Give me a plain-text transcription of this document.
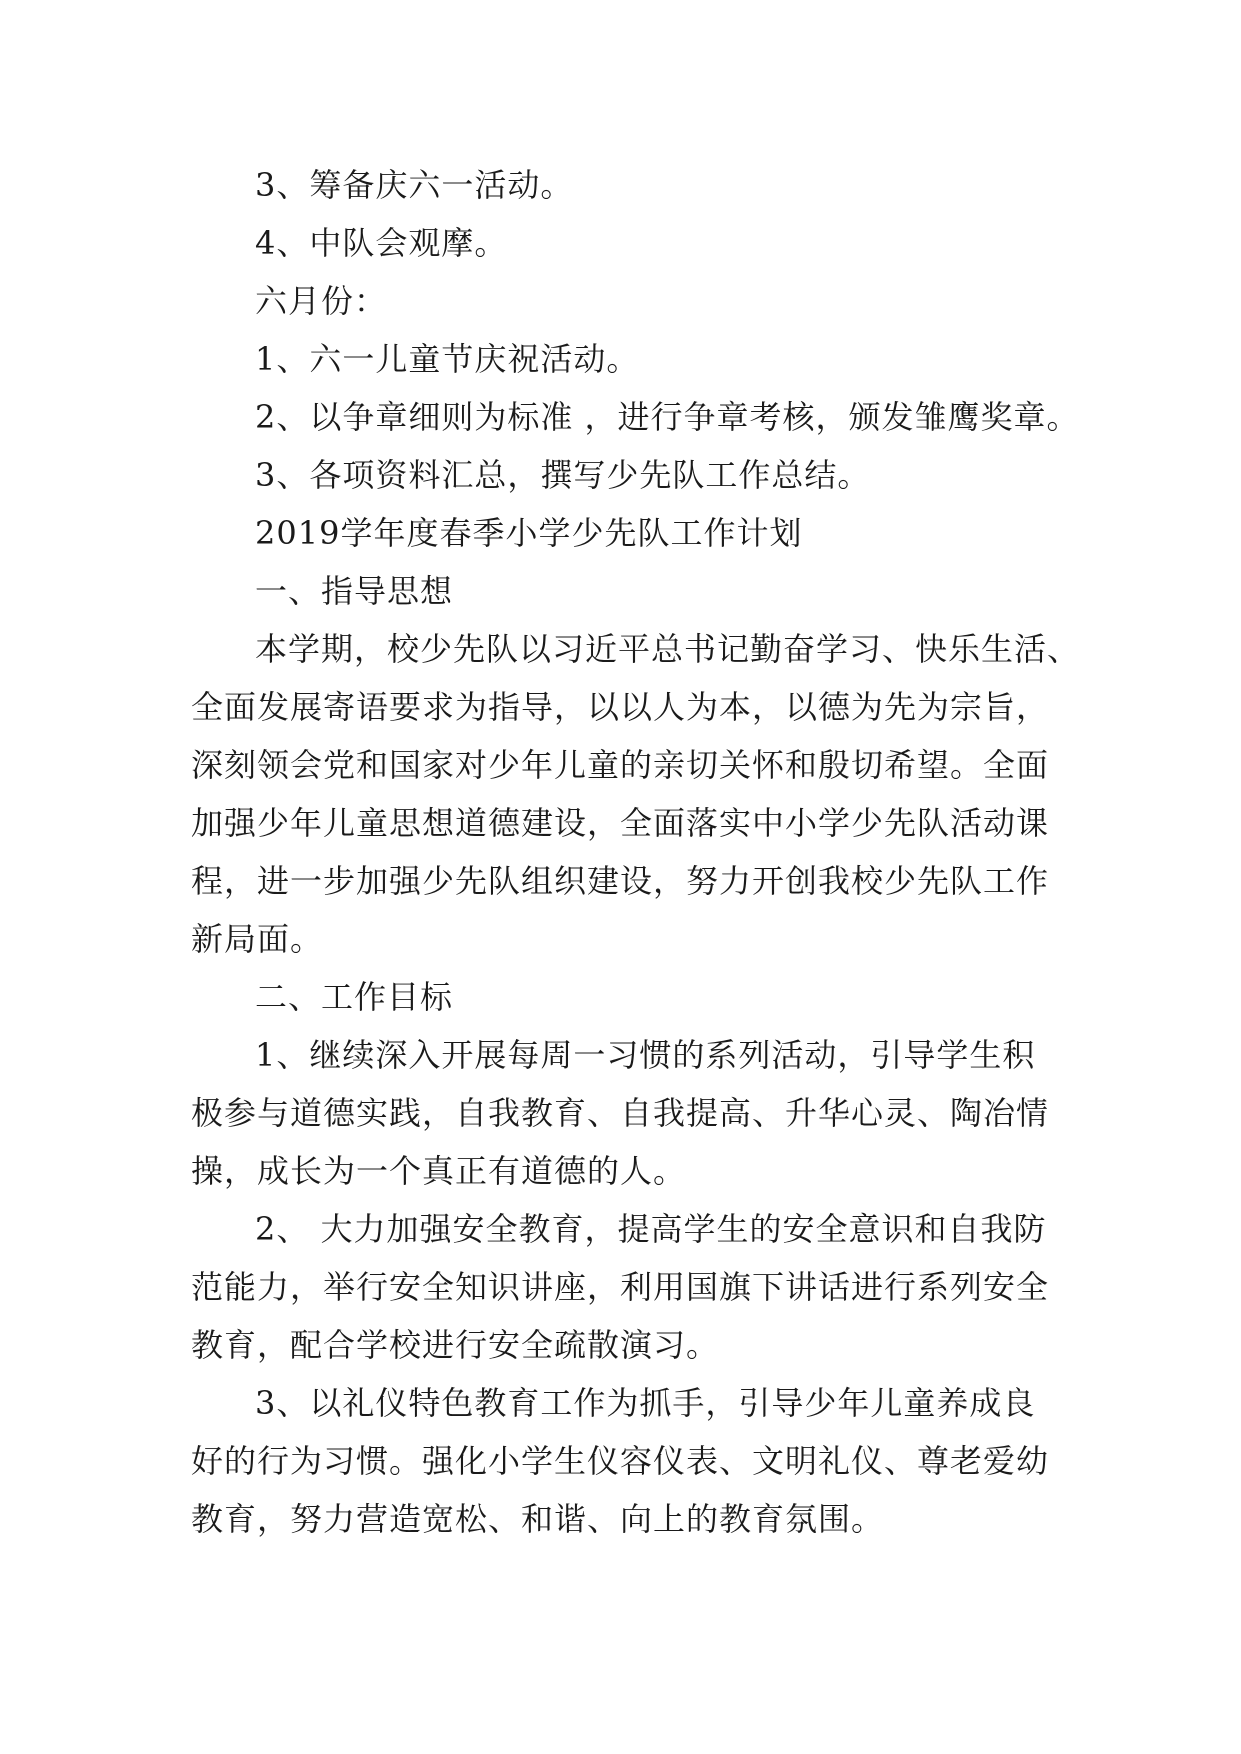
3、筹备庆六一活动。
4、中队会观摩。
六月份：
1、六一儿童节庆祝活动。
2、以争章细则为标准 ，进行争章考核，颁发雏鹰奖章。
3、各项资料汇总，撰写少先队工作总结。
2019学年度春季小学少先队工作计划
一、指导思想
本学期，校少先队以习近平总书记勤奋学习、快乐生活、
全面发展寄语要求为指导，以以人为本，以德为先为宗旨，
深刻领会党和国家对少年儿童的亲切关怀和殷切希望。全面
加强少年儿童思想道德建设，全面落实中小学少先队活动课
程，进一步加强少先队组织建设，努力开创我校少先队工作
新局面。
二、工作目标
1、继续深入开展每周一习惯的系列活动，引导学生积
极参与道德实践，自我教育、自我提高、升华心灵、陶冶情
操，成长为一个真正有道德的人。
2、 大力加强安全教育，提高学生的安全意识和自我防
范能力，举行安全知识讲座，利用国旗下讲话进行系列安全
教育，配合学校进行安全疏散演习。
3、以礼仪特色教育工作为抓手，引导少年儿童养成良
好的行为习惯。强化小学生仪容仪表、文明礼仪、尊老爱幼
教育，努力营造宽松、和谐、向上的教育氛围。
